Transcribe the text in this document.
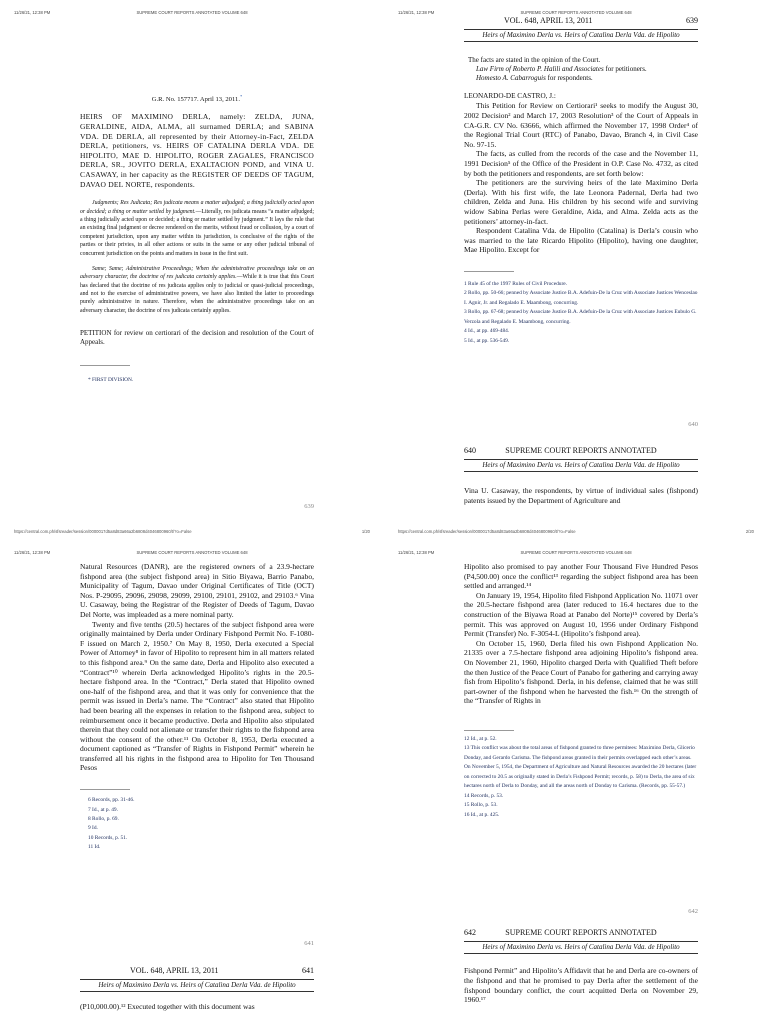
11/26/21, 12:38 PM	SUPREME COURT REPORTS ANNOTATED VOLUME 648

G.R. No. 157717. April 13, 2011.*

HEIRS OF MAXIMINO DERLA, namely: ZELDA, JUNA, GERALDINE, AIDA, ALMA, all surnamed DERLA; and SABINA VDA. DE DERLA, all represented by their Attorney-in-Fact, ZELDA DERLA, petitioners, vs. HEIRS OF CATALINA DERLA VDA. DE HIPOLITO, MAE D. HIPOLITO, ROGER ZAGALES, FRANCISCO DERLA, SR., JOVITO DERLA, EXALTACION POND, and VINA U. CASAWAY, in her capacity as the REGISTER OF DEEDS OF TAGUM, DAVAO DEL NORTE, respondents.

Judgments; Res Judicata; Res judicata means a matter adjudged; a thing judicially acted upon or decided; a thing or matter settled by judgment.—Literally, res judicata means “a matter adjudged; a thing judicially acted upon or decided; a thing or matter settled by judgment.” It lays the rule that an existing final judgment or decree rendered on the merits, without fraud or collusion, by a court of competent jurisdiction, upon any matter within its jurisdiction, is conclusive of the rights of the parties or their privies, in all other actions or suits in the same or any other judicial tribunal of concurrent jurisdiction on the points and matters in issue in the first suit.

Same; Same; Administrative Proceedings; When the administrative proceedings take on an adversary character, the doctrine of res judicata certainly applies.—While it is true that this Court has declared that the doctrine of res judicata applies only to judicial or quasi-judicial proceedings, and not to the exercise of administrative powers, we have also limited the latter to proceedings purely administrative in nature. Therefore, when the administrative proceedings take on an adversary character, the doctrine of res judicata certainly applies.

PETITION for review on certiorari of the decision and resolution of the Court of Appeals.

* FIRST DIVISION.

639
https://central.com.ph/sfsreader/session/0000017d5a8d83a66a2b6808d4046800960/t/?o=False	1/20
11/26/21, 12:38 PM	SUPREME COURT REPORTS ANNOTATED VOLUME 648
VOL. 648, APRIL 13, 2011	639

Heirs of Maximino Derla vs. Heirs of Catalina Derla Vda. de Hipolito

The facts are stated in the opinion of the Court.

Law Firm of Roberto P. Halili and Associates for petitioners.

Homesto A. Cabarroguis for respondents.

LEONARDO-DE CASTRO, J.:

This Petition for Review on Certiorari¹ seeks to modify the August 30, 2002 Decision² and March 17, 2003 Resolution³ of the Court of Appeals in CA-G.R. CV No. 63666, which affirmed the November 17, 1998 Order⁴ of the Regional Trial Court (RTC) of Panabo, Davao, Branch 4, in Civil Case No. 97-15.

The facts, as culled from the records of the case and the November 11, 1991 Decision⁵ of the Office of the President in O.P. Case No. 4732, as cited by both the petitioners and respondents, are set forth below:

The petitioners are the surviving heirs of the late Maximino Derla (Derla). With his first wife, the late Leonora Padernal, Derla had two children, Zelda and Juna. His children by his second wife and surviving widow Sabina Perlas were Geraldine, Aida, and Alma. Zelda acts as the petitioners’ attorney-in-fact.

Respondent Catalina Vda. de Hipolito (Catalina) is Derla’s cousin who was married to the late Ricardo Hipolito (Hipolito), having one daughter, Mae Hipolito. Except for

1 Rule 45 of the 1997 Rules of Civil Procedure.

2 Rollo, pp. 50-66; penned by Associate Justice B.A. Adefuin-De la Cruz with Associate Justices Wenceslao I. Agnir, Jr. and Regalado E. Maambong, concurring.

3 Rollo, pp. 67-68; penned by Associate Justice B.A. Adefuin-De la Cruz with Associate Justices Eubulo G. Verzola and Regalado E. Maambong, concurring.

4 Id., at pp. 469-484.

5 Id., at pp. 536-549.

640
640	SUPREME COURT REPORTS ANNOTATED

Heirs of Maximino Derla vs. Heirs of Catalina Derla Vda. de Hipolito

Vina U. Casaway, the respondents, by virtue of individual sales (fishpond) patents issued by the Department of Agriculture and

https://central.com.ph/sfsreader/session/0000017d5a8d83a66a2b6808d4046800960/t/?o=False	2/20
11/26/21, 12:38 PM	SUPREME COURT REPORTS ANNOTATED VOLUME 648

Natural Resources (DANR), are the registered owners of a 23.9-hectare fishpond area (the subject fishpond area) in Sitio Biyawa, Barrio Panabo, Municipality of Tagum, Davao under Original Certificates of Title (OCT) Nos. P-29095, 29096, 29098, 29099, 29100, 29101, 29102, and 29103.⁶ Vina U. Casaway, being the Registrar of the Register of Deeds of Tagum, Davao Del Norte, was impleaded as a mere nominal party.

Twenty and five tenths (20.5) hectares of the subject fishpond area were originally maintained by Derla under Ordinary Fishpond Permit No. F-1080-F issued on March 2, 1950.⁷ On May 8, 1950, Derla executed a Special Power of Attorney⁸ in favor of Hipolito to represent him in all matters related to this fishpond area.⁹ On the same date, Derla and Hipolito also executed a “Contract”¹⁰ wherein Derla acknowledged Hipolito’s rights in the 20.5-hectare fishpond area. In the “Contract,” Derla stated that Hipolito owned one-half of the fishpond area, and that it was only for convenience that the permit was issued in Derla’s name. The “Contract” also stated that Hipolito had been bearing all the expenses in relation to the fishpond area, subject to reimbursement once it became productive. Derla and Hipolito also stipulated therein that they could not alienate or transfer their rights to the fishpond area without the consent of the other.¹¹ On October 8, 1953, Derla executed a document captioned as “Transfer of Rights in Fishpond Permit” wherein he transferred all his rights in the fishpond area to Hipolito for Ten Thousand Pesos

6 Records, pp. 31-46.

7 Id., at p. 49.

8 Rollo, p. 69.

9 Id.

10 Records, p. 51.

11 Id.

641
VOL. 648, APRIL 13, 2011	641

Heirs of Maximino Derla vs. Heirs of Catalina Derla Vda. de Hipolito

(P10,000.00).¹² Executed together with this document was

11/26/21, 12:38 PM	SUPREME COURT REPORTS ANNOTATED VOLUME 648

Hipolito also promised to pay another Four Thousand Five Hundred Pesos (P4,500.00) once the conflict¹³ regarding the subject fishpond area has been settled and arranged.¹⁴

On January 19, 1954, Hipolito filed Fishpond Application No. 11071 over the 20.5-hectare fishpond area (later reduced to 16.4 hectares due to the construction of the Biyawa Road at Panabo del Norte)¹⁵ covered by Derla’s permit. This was approved on August 10, 1956 under Ordinary Fishpond Permit (Transfer) No. F-3054-L (Hipolito’s fishpond area).

On October 15, 1960, Derla filed his own Fishpond Application No. 21335 over a 7.5-hectare fishpond area adjoining Hipolito’s fishpond area. On November 21, 1960, Hipolito charged Derla with Qualified Theft before the then Justice of the Peace Court of Panabo for gathering and carrying away fish from Hipolito’s fishpond. Derla, in his defense, claimed that he was still part-owner of the fishpond when he harvested the fish.¹⁶ On the strength of the “Transfer of Rights in

12 Id., at p. 52.

13 This conflict was about the total areas of fishpond granted to three permitees: Maximino Derla, Glicerio Donday, and Gerardo Carisma. The fishpond areas granted in their permits overlapped each other’s areas. On November 5, 1954, the Department of Agriculture and Natural Resources awarded the 20 hectares (later on corrected to 20.5 as originally stated in Derla’s Fishpond Permit; records, p. 58) to Derla, the area of six hectares north of Derla to Donday, and all the areas north of Donday to Carisma. (Records, pp. 55-57.)

14 Records, p. 53.

15 Rollo, p. 53.

16 Id., at p. 425.

642
642	SUPREME COURT REPORTS ANNOTATED

Heirs of Maximino Derla vs. Heirs of Catalina Derla Vda. de Hipolito

Fishpond Permit” and Hipolito’s Affidavit that he and Derla are co-owners of the fishpond and that he promised to pay Derla after the settlement of the fishpond boundary conflict, the court acquitted Derla on November 29, 1960.¹⁷
